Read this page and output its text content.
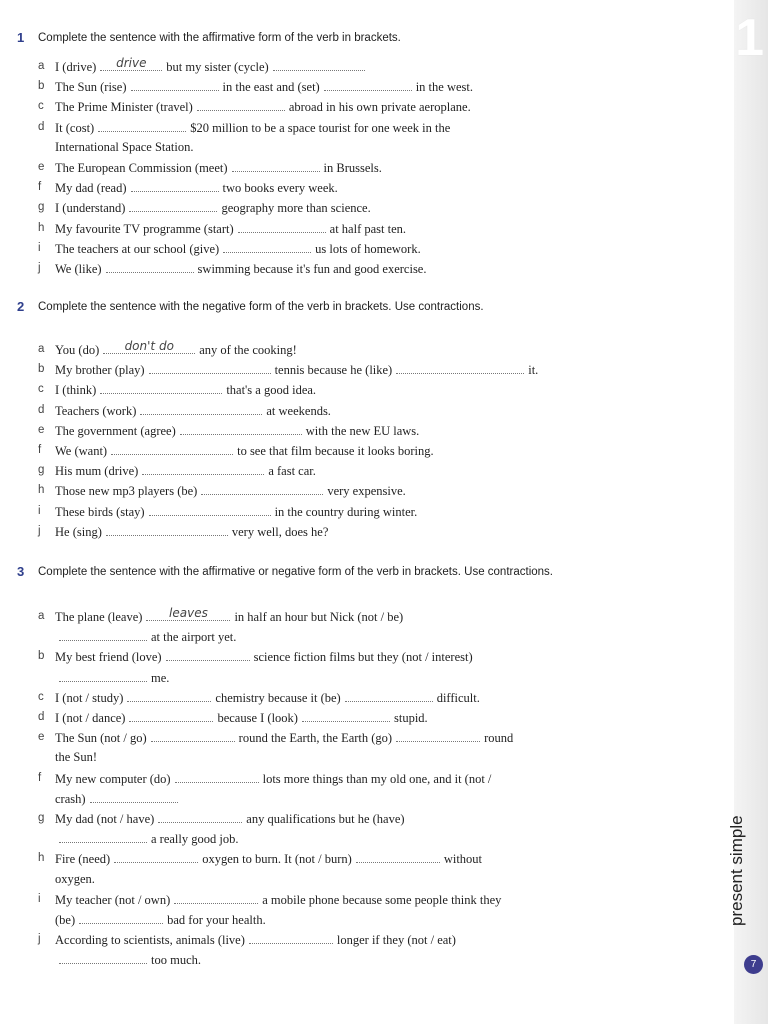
1
present simple
7
1 Complete the sentence with the affirmative form of the verb in brackets.
a I (drive)	drive	but my sister (cycle)
b The Sun (rise)	in the east and (set)	in the west.
c The Prime Minister (travel)	abroad in his own private aeroplane.
d It (cost)	$20 million to be a space tourist for one week in the
International Space Station.
e The European Commission (meet)	in Brussels.
f My dad (read)	two books every week.
g I (understand)	geography more than science.
h My favourite TV programme (start)	at half past ten.
i The teachers at our school (give)	us lots of homework.
j We (like)	swimming because it's fun and good exercise.
2 Complete the sentence with the negative form of the verb in brackets. Use contractions.
a You (do)	don't do	any of the cooking!
b My brother (play)	tennis because he (like)	it.
c I (think)	that's a good idea.
d Teachers (work)	at weekends.
e The government (agree)	with the new EU laws.
f We (want)	to see that film because it looks boring.
g His mum (drive)	a fast car.
h Those new mp3 players (be)	very expensive.
i These birds (stay)	in the country during winter.
j He (sing)	very well, does he?
3 Complete the sentence with the affirmative or negative form of the verb in brackets. Use contractions.
a The plane (leave)	leaves	in half an hour but Nick (not / be)
at the airport yet.
b My best friend (love)	science fiction films but they (not / interest)
me.
c I (not / study)	chemistry because it (be)	difficult.
d I (not / dance)	because I (look)	stupid.
e The Sun (not / go)	round the Earth, the Earth (go)	round
the Sun!
f My new computer (do)	lots more things than my old one, and it (not /
crash)
g My dad (not / have)	any qualifications but he (have)
a really good job.
h Fire (need)	oxygen to burn. It (not / burn)	without
oxygen.
i My teacher (not / own)	a mobile phone because some people think they
(be)	bad for your health.
j According to scientists, animals (live)	longer if they (not / eat)
too much.
